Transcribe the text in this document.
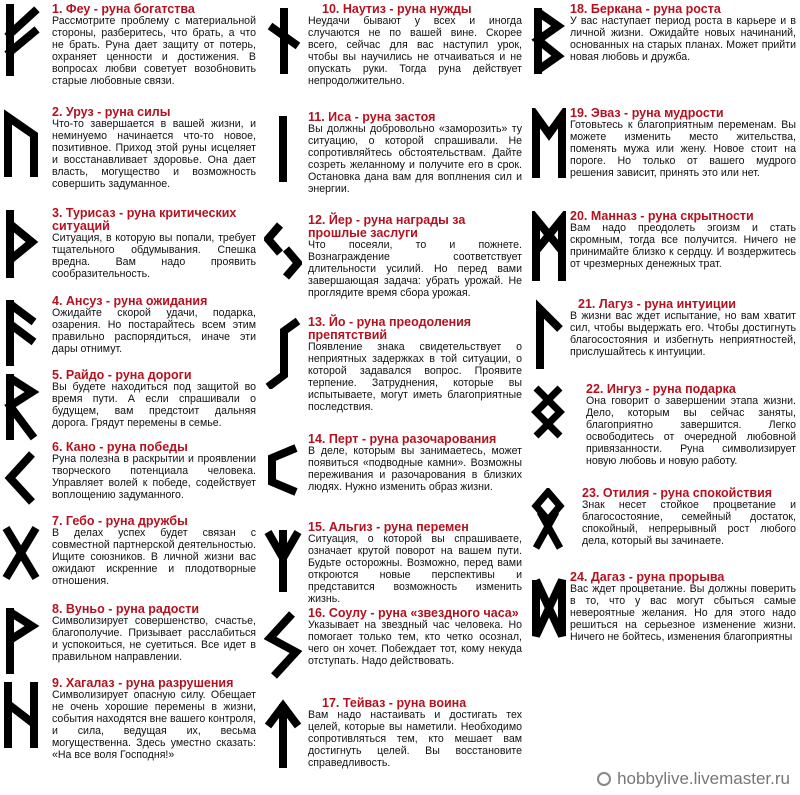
1. Феу - руна богатства
Рассмотрите проблему с материальной стороны, разберитесь, что брать, а что не брать. Руна дает защиту от потерь, охраняет ценности и достижения. В вопросах любви советует возобновить старые любовные связи.
2. Уруз - руна силы
Что-то завершается в вашей жизни, и неминуемо начинается что-то новое, позитивное. Приход этой руны исцеляет и восстанавливает здоровье. Она дает власть, могущество и возможность совершить задуманное.
3. Турисаз - руна критических ситуаций
Ситуация, в которую вы попали, требует тщательного обдумывания. Спешка вредна. Вам надо проявить сообразительность.
4. Ансуз - руна ожидания
Ожидайте скорой удачи, подарка, озарения. Но постарайтесь всем этим правильно распорядиться, иначе эти дары отнимут.
5. Райдо - руна дороги
Вы будете находиться под защитой во время пути. А если спрашивали о будущем, вам предстоит дальняя дорога. Грядут перемены в семье.
6. Кано - руна победы
Руна полезна в раскрытии и проявлении творческого потенциала человека. Управляет волей к победе, содействует воплощению задуманного.
7. Гебо - руна дружбы
В делах успех будет связан с совместной партнерской деятельностью. Ищите союзников. В личной жизни вас ожидают искренние и плодотворные отношения.
8. Вуньо - руна радости
Символизирует совершенство, счастье, благополучие. Призывает расслабиться и успокоиться, не суетиться. Все идет в правильном направлении.
9. Хагалаз - руна разрушения
Символизирует опасную силу. Обещает не очень хорошие перемены в жизни, события находятся вне вашего контроля, и сила, ведущая их, весьма могущественна. Здесь уместно сказать: «На все воля Господня!»
10. Наутиз - руна нужды
Неудачи бывают у всех и иногда случаются не по вашей вине. Скорее всего, сейчас для вас наступил урок, чтобы вы научились не отчаиваться и не опускать руки. Тогда руна действует непродолжительно.
11. Иса - руна застоя
Вы должны добровольно «заморозить» ту ситуацию, о которой спрашивали. Не сопротивляйтесь обстоятельствам. Дайте созреть желанному и получите его в срок. Остановка дана вам для воплнения сил и энергии.
12. Йер - руна награды за прошлые заслуги
Что посеяли, то и пожнете. Вознаграждение соответствует длительности усилий. Но перед вами завершающая задача: убрать урожай. Не проглядите время сбора урожая.
13. Йо - руна преодоления препятствий
Появление знака свидетельствует о неприятных задержках в той ситуации, о которой задавался вопрос. Проявите терпение. Затруднения, которые вы испытываете, могут иметь благоприятные последствия.
14. Перт - руна разочарования
В деле, которым вы занимаетесь, может появиться «подводные камни». Возможны переживания и разочарования в близких людях. Нужно изменить образ жизни.
15. Альгиз - руна перемен
Ситуация, о которой вы спрашиваете, означает крутой поворот на вашем пути. Будьте осторожны. Возможно, перед вами откроются новые перспективы и представится возможность изменить жизнь.
16. Соулу - руна «звездного часа»
Указывает на звездный час человека. Но помогает только тем, кто четко осознал, чего он хочет. Побеждает тот, кому некуда отступать. Надо действовать.
17. Тейваз - руна воина
Вам надо настаивать и достигать тех целей, которые вы наметили. Необходимо сопротивляться тем, кто мешает вам достигнуть целей. Вы восстановите справедливость.
18. Беркана - руна роста
У вас наступает период роста в карьере и в личной жизни. Ожидайте новых начинаний, основанных на старых планах. Может прийти новая любовь и дружба.
19. Эваз - руна мудрости
Готовьтесь к благоприятным переменам. Вы можете изменить место жительства, поменять мужа или жену. Новое стоит на пороге. Но только от вашего мудрого решения зависит, принять это или нет.
20. Манназ - руна скрытности
Вам надо преодолеть эгоизм и стать скромным, тогда все получится. Ничего не принимайте близко к сердцу. И воздержитесь от чрезмерных денежных трат.
21. Лагуз - руна интуиции
В жизни вас ждет испытание, но вам хватит сил, чтобы выдержать его. Чтобы достигнуть благосостояния и избегнуть неприятностей, прислушайтесь к интуиции.
22. Ингуз - руна подарка
Она говорит о завершении этапа жизни. Дело, которым вы сейчас заняты, благоприятно завершится. Легко освободитесь от очередной любовной привязанности. Руна символизирует новую любовь и новую работу.
23. Отилия - руна спокойствия
Знак несет стойкое процветание и благосостояние, семейный достаток, спокойный, непрерывный рост любого дела, который вы зачинаете.
24. Дагаз - руна прорыва
Вас ждет процветание. Вы должны поверить в то, что у вас могут сбыться самые невероятные желания. Но для этого надо решиться на серьезное изменение жизни. Ничего не бойтесь, изменения благоприятны
hobbylive.livemaster.ru
